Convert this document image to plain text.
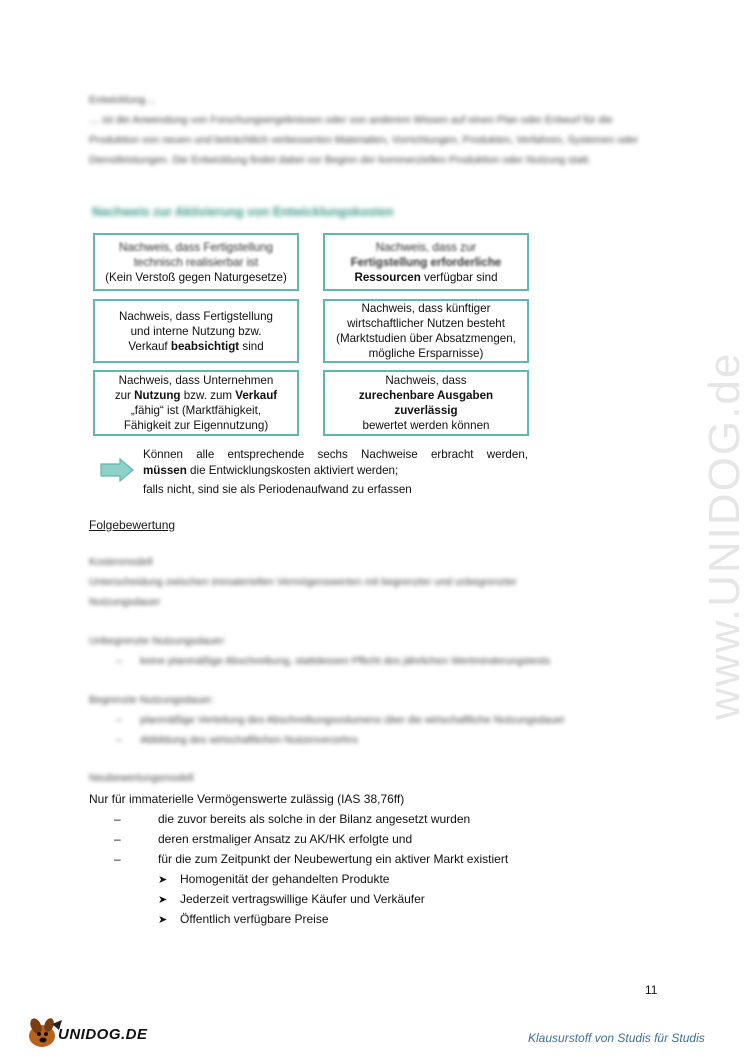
Entwicklung…

… ist die Anwendung von Forschungsergebnissen oder von anderem Wissen auf einen Plan oder Entwurf für die Produktion von neuen und beträchtlich verbesserten Materialien, Vorrichtungen, Produkten, Verfahren, Systemen oder Dienstleistungen. Die Entwicklung findet dabei vor Beginn der kommerziellen Produktion oder Nutzung statt.

Nachweis zur Aktivierung von Entwicklungskosten
Nachweis, dass Fertigstellung
technisch realisierbar ist
(Kein Verstoß gegen Naturgesetze)
Nachweis, dass zur
Fertigstellung erforderliche
Ressourcen verfügbar sind
Nachweis, dass Fertigstellung
und interne Nutzung bzw.
Verkauf beabsichtigt sind
Nachweis, dass künftiger
wirtschaftlicher Nutzen besteht
(Marktstudien über Absatzmengen,
mögliche Ersparnisse)
Nachweis, dass Unternehmen
zur Nutzung bzw. zum Verkauf
„fähig“ ist (Marktfähigkeit,
Fähigkeit zur Eigennutzung)
Nachweis, dass
zurechenbare Ausgaben
zuverlässig
bewertet werden können
Können alle entsprechende sechs Nachweise erbracht werden,
müssen die Entwicklungskosten aktiviert werden;
falls nicht, sind sie als Periodenaufwand zu erfassen
Folgebewertung
Kostenmodell
Unterscheidung zwischen immateriellen Vermögenswerten mit begrenzter und unbegrenzter
Nutzungsdauer
Unbegrenzte Nutzungsdauer:
– keine planmäßige Abschreibung, stattdessen Pflicht des jährlichen Wertminderungstests
Begrenzte Nutzungsdauer:
– planmäßige Verteilung des Abschreibungsvolumens über die wirtschaftliche Nutzungsdauer
– Abbildung des wirtschaftlichen Nutzenverzehrs
Neubewertungsmodell
Nur für immaterielle Vermögenswerte zulässig (IAS 38,76ff)
–	die zuvor bereits als solche in der Bilanz angesetzt wurden
–	deren erstmaliger Ansatz zu AK/HK erfolgte und
–	für die zum Zeitpunkt der Neubewertung ein aktiver Markt existiert
➤ Homogenität der gehandelten Produkte
➤ Jederzeit vertragswillige Käufer und Verkäufer
➤ Öffentlich verfügbare Preise
www.UNIDOG.de
11
UNIDOG.DE	Klausurstoff von Studis für Studis
